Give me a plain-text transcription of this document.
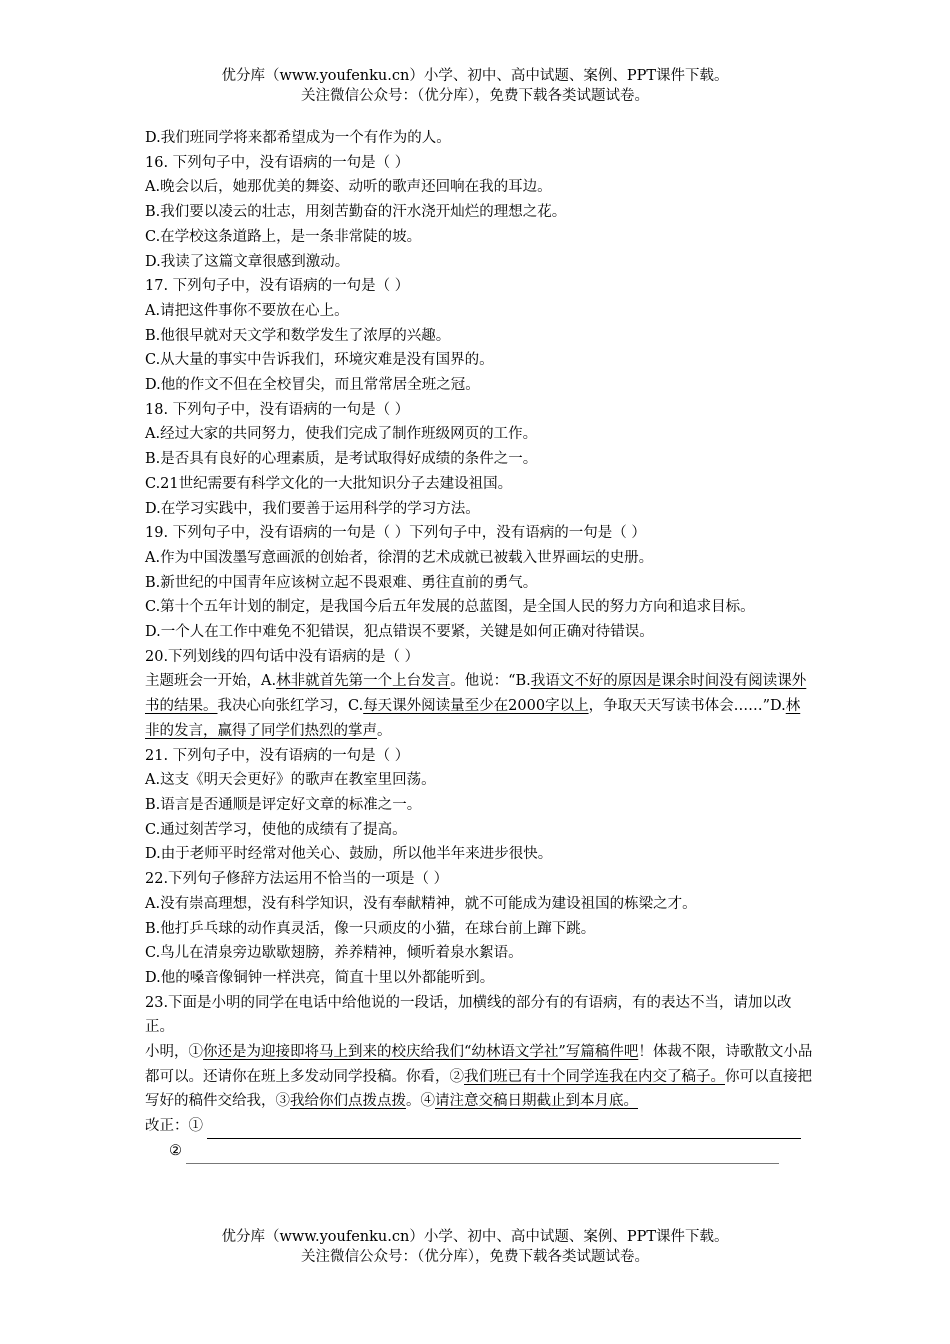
优分库（www.youfenku.cn）小学、初中、高中试题、案例、PPT课件下载。
关注微信公众号：（优分库），免费下载各类试题试卷。
D.我们班同学将来都希望成为一个有作为的人。
16. 下列句子中，没有语病的一句是（ ）
A.晚会以后，她那优美的舞姿、动听的歌声还回响在我的耳边。
B.我们要以凌云的壮志，用刻苦勤奋的汗水浇开灿烂的理想之花。
C.在学校这条道路上，是一条非常陡的坡。
D.我读了这篇文章很感到激动。
17. 下列句子中，没有语病的一句是（ ）
A.请把这件事你不要放在心上。
B.他很早就对天文学和数学发生了浓厚的兴趣。
C.从大量的事实中告诉我们，环境灾难是没有国界的。
D.他的作文不但在全校冒尖，而且常常居全班之冠。
18. 下列句子中，没有语病的一句是（ ）
A.经过大家的共同努力，使我们完成了制作班级网页的工作。
B.是否具有良好的心理素质，是考试取得好成绩的条件之一。
C.21世纪需要有科学文化的一大批知识分子去建设祖国。
D.在学习实践中，我们要善于运用科学的学习方法。
19. 下列句子中，没有语病的一句是（ ）下列句子中，没有语病的一句是（ ）
A.作为中国泼墨写意画派的创始者，徐渭的艺术成就已被载入世界画坛的史册。
B.新世纪的中国青年应该树立起不畏艰难、勇往直前的勇气。
C.第十个五年计划的制定，是我国今后五年发展的总蓝图，是全国人民的努力方向和追求目标。
D.一个人在工作中难免不犯错误，犯点错误不要紧，关键是如何正确对待错误。
20.下列划线的四句话中没有语病的是（ ）
主题班会一开始，A.林非就首先第一个上台发言。他说：“B.我语文不好的原因是课余时间没有阅读课外书的结果。我决心向张红学习，C.每天课外阅读量至少在2000字以上，争取天天写读书体会……”D.林非的发言，赢得了同学们热烈的掌声。
21. 下列句子中，没有语病的一句是（ ）
A.这支《明天会更好》的歌声在教室里回荡。
B.语言是否通顺是评定好文章的标准之一。
C.通过刻苦学习，使他的成绩有了提高。
D.由于老师平时经常对他关心、鼓励，所以他半年来进步很快。
22.下列句子修辞方法运用不恰当的一项是（ ）
A.没有崇高理想，没有科学知识，没有奉献精神，就不可能成为建设祖国的栋梁之才。
B.他打乒乓球的动作真灵活，像一只顽皮的小猫，在球台前上蹿下跳。
C.鸟儿在清泉旁边歇歇翅膀，养养精神，倾听着泉水絮语。
D.他的嗓音像铜钟一样洪亮，简直十里以外都能听到。
23.下面是小明的同学在电话中给他说的一段话，加横线的部分有的有语病，有的表达不当，请加以改正。
小明，①你还是为迎接即将马上到来的校庆给我们“幼林语文学社”写篇稿件吧！体裁不限，诗歌散文小品都可以。还请你在班上多发动同学投稿。你看，②我们班已有十个同学连我在内交了稿子。你可以直接把写好的稿件交给我，③我给你们点拨点拨。④请注意交稿日期截止到本月底。
改正：①
②
优分库（www.youfenku.cn）小学、初中、高中试题、案例、PPT课件下载。
关注微信公众号：（优分库），免费下载各类试题试卷。
